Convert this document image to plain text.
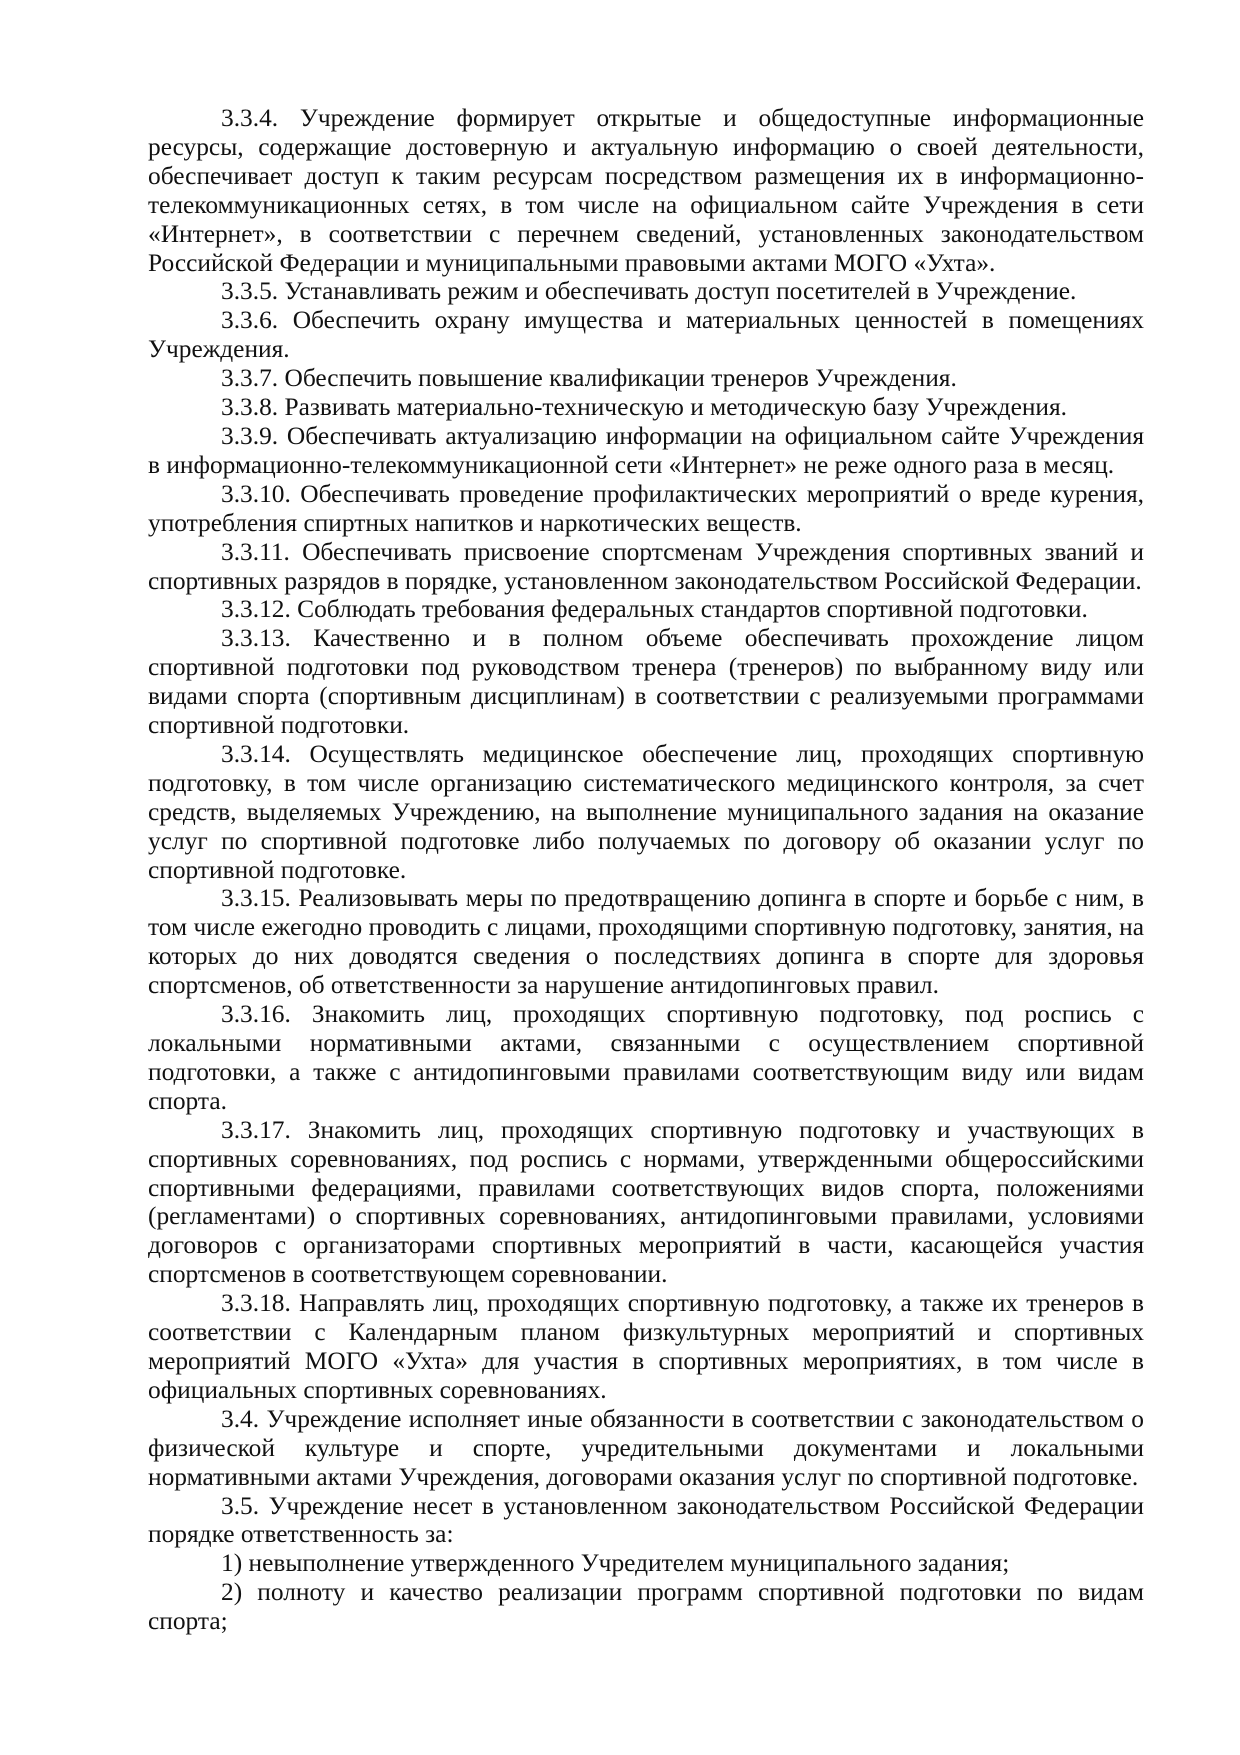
3.3.4. Учреждение формирует открытые и общедоступные информационные ресурсы, содержащие достоверную и актуальную информацию о своей деятельности, обеспечивает доступ к таким ресурсам посредством размещения их в информационно-телекоммуникационных сетях, в том числе на официальном сайте Учреждения в сети «Интернет», в соответствии с перечнем сведений, установленных законодательством Российской Федерации и муниципальными правовыми актами МОГО «Ухта».

3.3.5. Устанавливать режим и обеспечивать доступ посетителей в Учреждение.

3.3.6. Обеспечить охрану имущества и материальных ценностей в помещениях Учреждения.

3.3.7. Обеспечить повышение квалификации тренеров Учреждения.

3.3.8. Развивать материально-техническую и методическую базу Учреждения.

3.3.9. Обеспечивать актуализацию информации на официальном сайте Учреждения в информационно-телекоммуникационной сети «Интернет» не реже одного раза в месяц.

3.3.10. Обеспечивать проведение профилактических мероприятий о вреде курения, употребления спиртных напитков и наркотических веществ.

3.3.11. Обеспечивать присвоение спортсменам Учреждения спортивных званий и спортивных разрядов в порядке, установленном законодательством Российской Федерации.

3.3.12. Соблюдать требования федеральных стандартов спортивной подготовки.

3.3.13. Качественно и в полном объеме обеспечивать прохождение лицом спортивной подготовки под руководством тренера (тренеров) по выбранному виду или видами спорта (спортивным дисциплинам) в соответствии с реализуемыми программами спортивной подготовки.

3.3.14. Осуществлять медицинское обеспечение лиц, проходящих спортивную подготовку, в том числе организацию систематического медицинского контроля, за счет средств, выделяемых Учреждению, на выполнение муниципального задания на оказание услуг по спортивной подготовке либо получаемых по договору об оказании услуг по спортивной подготовке.

3.3.15. Реализовывать меры по предотвращению допинга в спорте и борьбе с ним, в том числе ежегодно проводить с лицами, проходящими спортивную подготовку, занятия, на которых до них доводятся сведения о последствиях допинга в спорте для здоровья спортсменов, об ответственности за нарушение антидопинговых правил.

3.3.16. Знакомить лиц, проходящих спортивную подготовку, под роспись с локальными нормативными актами, связанными с осуществлением спортивной подготовки, а также с антидопинговыми правилами соответствующим виду или видам спорта.

3.3.17. Знакомить лиц, проходящих спортивную подготовку и участвующих в спортивных соревнованиях, под роспись с нормами, утвержденными общероссийскими спортивными федерациями, правилами соответствующих видов спорта, положениями (регламентами) о спортивных соревнованиях, антидопинговыми правилами, условиями договоров с организаторами спортивных мероприятий в части, касающейся участия спортсменов в соответствующем соревновании.

3.3.18. Направлять лиц, проходящих спортивную подготовку, а также их тренеров в соответствии с Календарным планом физкультурных мероприятий и спортивных мероприятий МОГО «Ухта» для участия в спортивных мероприятиях, в том числе в официальных спортивных соревнованиях.

3.4. Учреждение исполняет иные обязанности в соответствии с законодательством о физической культуре и спорте, учредительными документами и локальными нормативными актами Учреждения, договорами оказания услуг по спортивной подготовке.

3.5. Учреждение несет в установленном законодательством Российской Федерации порядке ответственность за:

1) невыполнение утвержденного Учредителем муниципального задания;

2) полноту и качество реализации программ спортивной подготовки по видам спорта;
